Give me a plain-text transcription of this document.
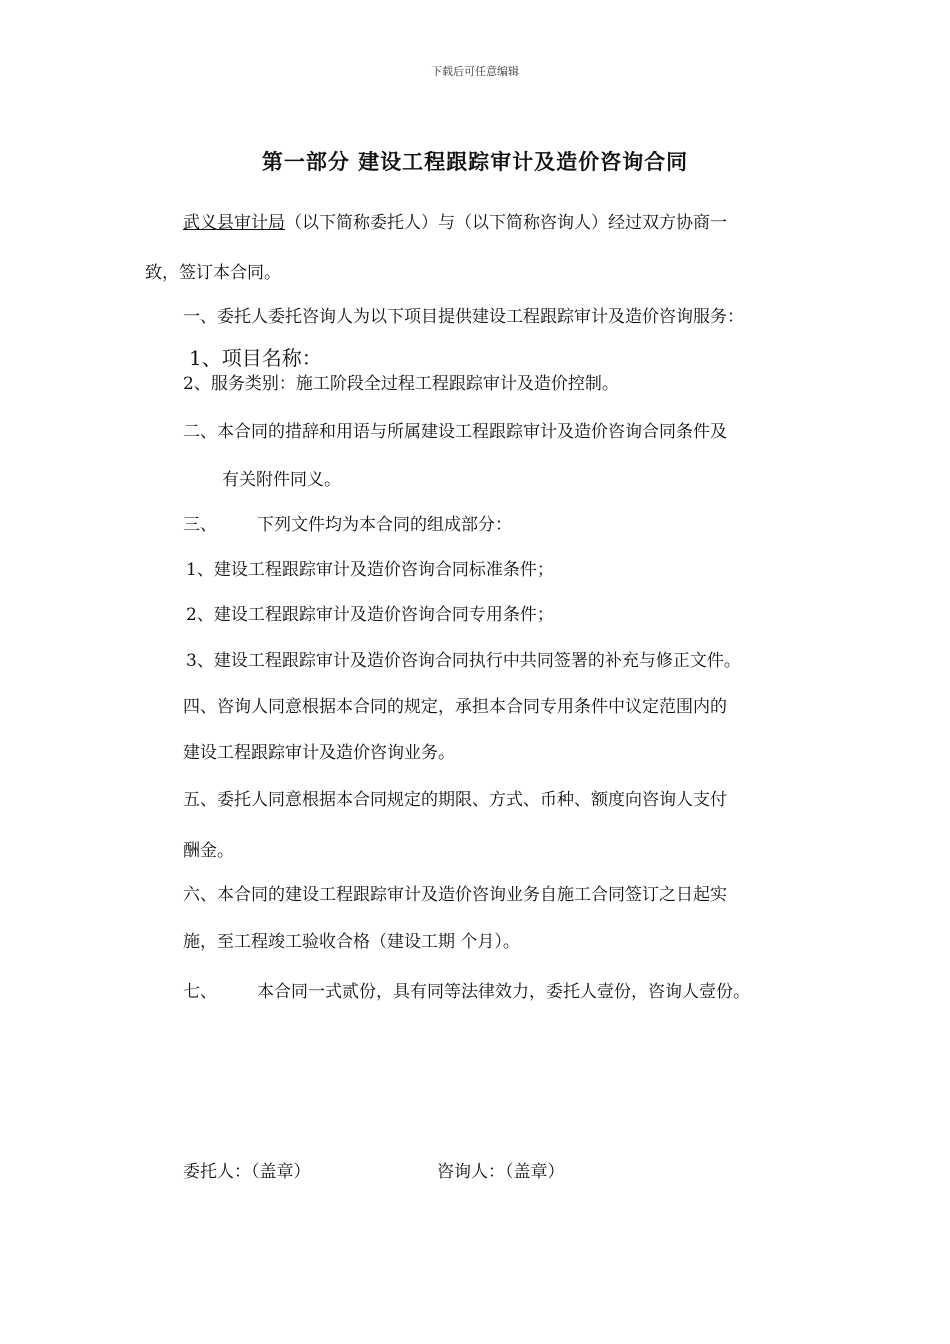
下载后可任意编辑
第一部分 建设工程跟踪审计及造价咨询合同
武义县审计局（以下简称委托人）与（以下简称咨询人）经过双方协商一
致，签订本合同。
一、委托人委托咨询人为以下项目提供建设工程跟踪审计及造价咨询服务：
1、项目名称：
2、服务类别：施工阶段全过程工程跟踪审计及造价控制。
二、本合同的措辞和用语与所属建设工程跟踪审计及造价咨询合同条件及
有关附件同义。
三、 下列文件均为本合同的组成部分：
1、建设工程跟踪审计及造价咨询合同标准条件；
2、建设工程跟踪审计及造价咨询合同专用条件；
3、建设工程跟踪审计及造价咨询合同执行中共同签署的补充与修正文件。
四、咨询人同意根据本合同的规定，承担本合同专用条件中议定范围内的
建设工程跟踪审计及造价咨询业务。
五、委托人同意根据本合同规定的期限、方式、币种、额度向咨询人支付
酬金。
六、本合同的建设工程跟踪审计及造价咨询业务自施工合同签订之日起实
施，至工程竣工验收合格（建设工期 个月）。
七、 本合同一式贰份，具有同等法律效力，委托人壹份，咨询人壹份。
委托人：（盖章）	咨询人：（盖章）
